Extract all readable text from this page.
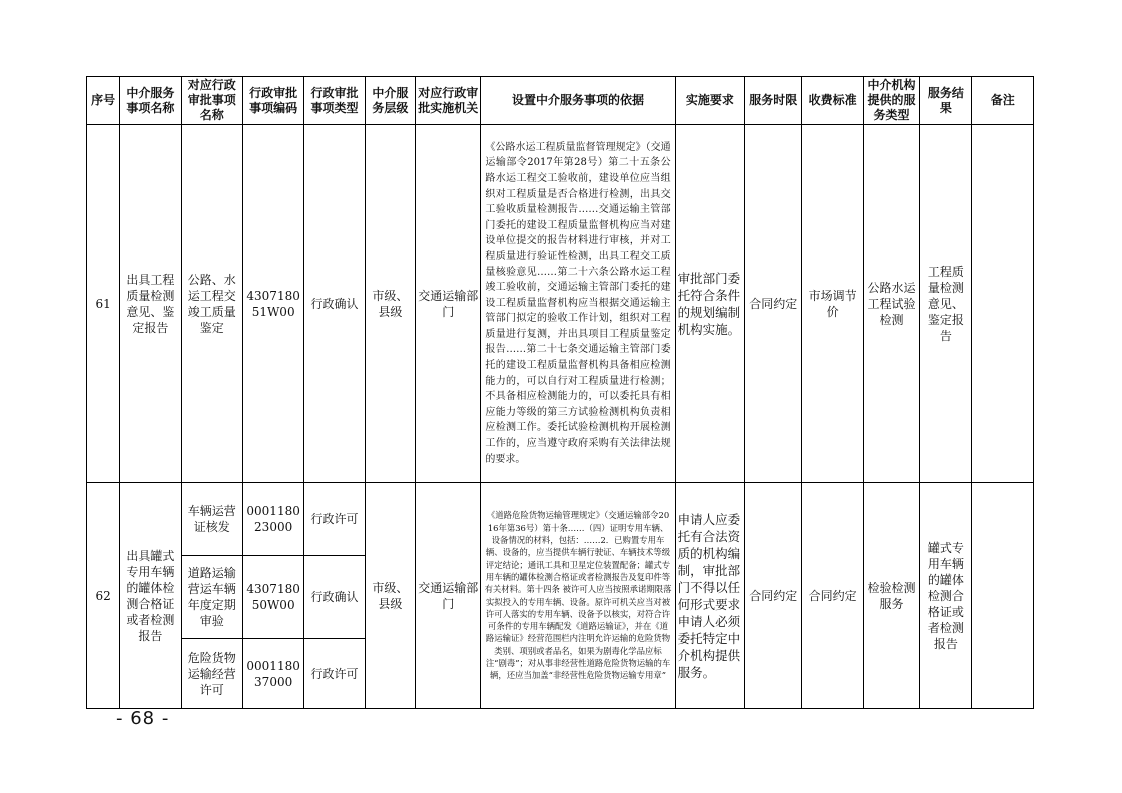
序号	中介服务事项名称	对应行政审批事项名称	行政审批事项编码	行政审批事项类型	中介服务层级	对应行政审批实施机关	设置中介服务事项的依据	实施要求	服务时限	收费标准	中介机构提供的服务类型	服务结果	备注
61	出具工程质量检测意见、鉴定报告	公路、水运工程交竣工质量鉴定	430718051W00	行政确认	市级、县级	交通运输部门	《公路水运工程质量监督管理规定》（交通运输部令2017年第28号）第二十五条公路水运工程交工验收前，建设单位应当组织对工程质量是否合格进行检测，出具交工验收质量检测报告……交通运输主管部门委托的建设工程质量监督机构应当对建设单位提交的报告材料进行审核，并对工程质量进行验证性检测，出具工程交工质量核验意见……第二十六条公路水运工程竣工验收前，交通运输主管部门委托的建设工程质量监督机构应当根据交通运输主管部门拟定的验收工作计划，组织对工程质量进行复测，并出具项目工程质量鉴定报告……第二十七条交通运输主管部门委托的建设工程质量监督机构具备相应检测能力的，可以自行对工程质量进行检测；不具备相应检测能力的，可以委托具有相应能力等级的第三方试验检测机构负责相应检测工作。委托试验检测机构开展检测工作的，应当遵守政府采购有关法律法规的要求。	审批部门委托符合条件的规划编制机构实施。	合同约定	市场调节价	公路水运工程试验检测	工程质量检测意见、鉴定报告	
62	出具罐式专用车辆的罐体检测合格证或者检测报告	车辆运营证核发	000118023000	行政许可	市级、县级	交通运输部门	《道路危险货物运输管理规定》（交通运输部令2016年第36号）第十条……（四）证明专用车辆、设备情况的材料，包括：……2．已购置专用车辆、设备的，应当提供车辆行驶证、车辆技术等级评定结论；通讯工具和卫星定位装置配备；罐式专用车辆的罐体检测合格证或者检测报告及复印件等有关材料。第十四条 被许可人应当按照承诺期限落实拟投入的专用车辆、设备。原许可机关应当对被许可人落实的专用车辆、设备予以核实，对符合许可条件的专用车辆配发《道路运输证》，并在《道路运输证》经营范围栏内注明允许运输的危险货物类别、项别或者品名，如果为剧毒化学品应标注“剧毒”；对从事非经营性道路危险货物运输的车辆，还应当加盖“非经营性危险货物运输专用章”	申请人应委托有合法资质的机构编制，审批部门不得以任何形式要求申请人必须委托特定中介机构提供服务。	合同约定	合同约定	检验检测服务	罐式专用车辆的罐体检测合格证或者检测报告	
		道路运输营运车辆年度定期审验	430718050W00	行政确认									
		危险货物运输经营许可	000118037000	行政许可									
- 68 -
